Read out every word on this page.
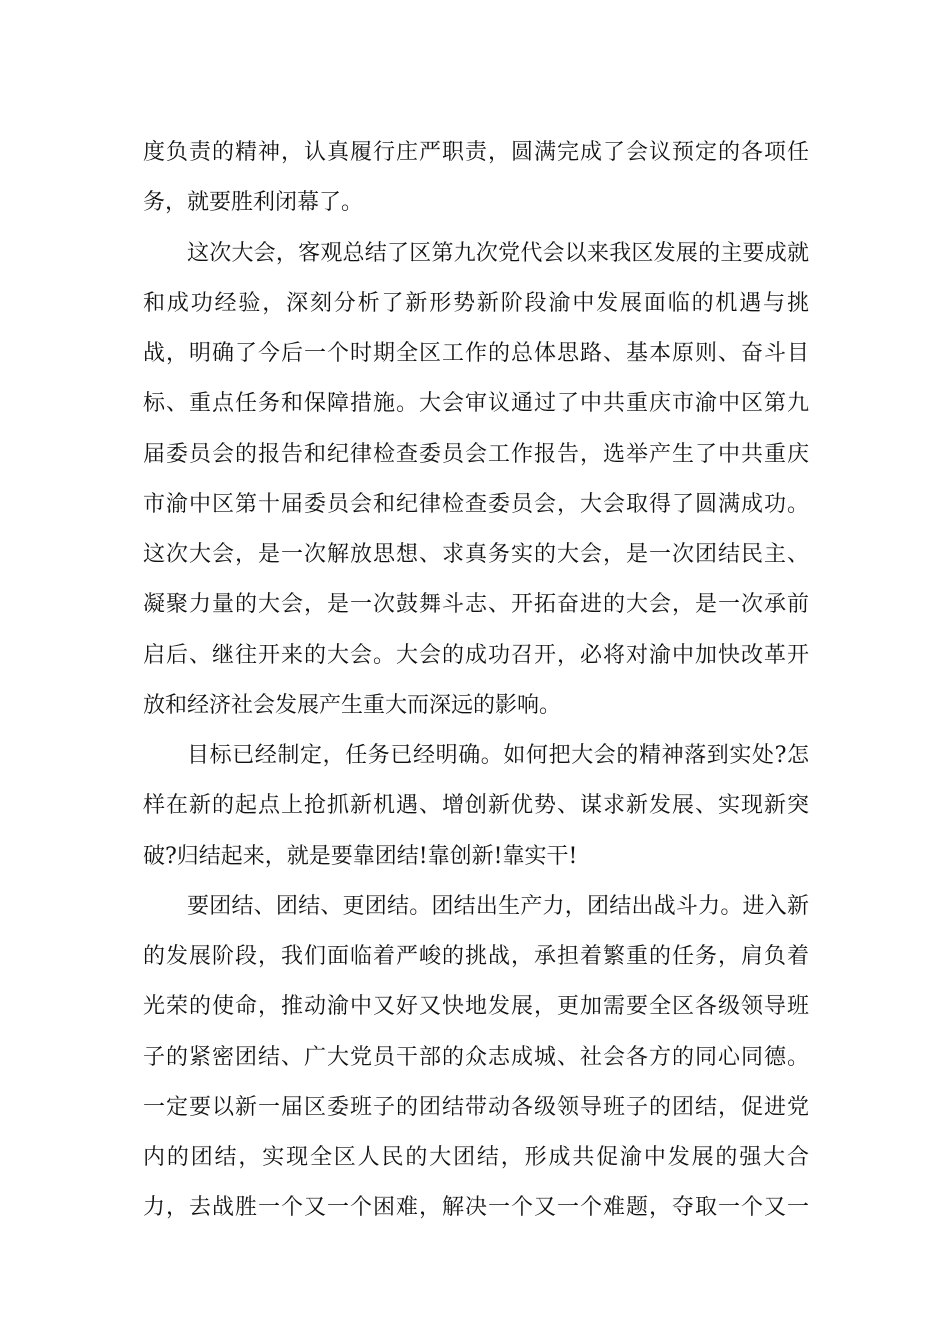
度负责的精神，认真履行庄严职责，圆满完成了会议预定的各项任
务，就要胜利闭幕了。
这次大会，客观总结了区第九次党代会以来我区发展的主要成就
和成功经验，深刻分析了新形势新阶段渝中发展面临的机遇与挑
战，明确了今后一个时期全区工作的总体思路、基本原则、奋斗目
标、重点任务和保障措施。大会审议通过了中共重庆市渝中区第九
届委员会的报告和纪律检查委员会工作报告，选举产生了中共重庆
市渝中区第十届委员会和纪律检查委员会，大会取得了圆满成功。
这次大会，是一次解放思想、求真务实的大会，是一次团结民主、
凝聚力量的大会，是一次鼓舞斗志、开拓奋进的大会，是一次承前
启后、继往开来的大会。大会的成功召开，必将对渝中加快改革开
放和经济社会发展产生重大而深远的影响。
目标已经制定，任务已经明确。如何把大会的精神落到实处?怎
样在新的起点上抢抓新机遇、增创新优势、谋求新发展、实现新突
破?归结起来，就是要靠团结!靠创新!靠实干!
要团结、团结、更团结。团结出生产力，团结出战斗力。进入新
的发展阶段，我们面临着严峻的挑战，承担着繁重的任务，肩负着
光荣的使命，推动渝中又好又快地发展，更加需要全区各级领导班
子的紧密团结、广大党员干部的众志成城、社会各方的同心同德。
一定要以新一届区委班子的团结带动各级领导班子的团结，促进党
内的团结，实现全区人民的大团结，形成共促渝中发展的强大合
力，去战胜一个又一个困难，解决一个又一个难题，夺取一个又一
